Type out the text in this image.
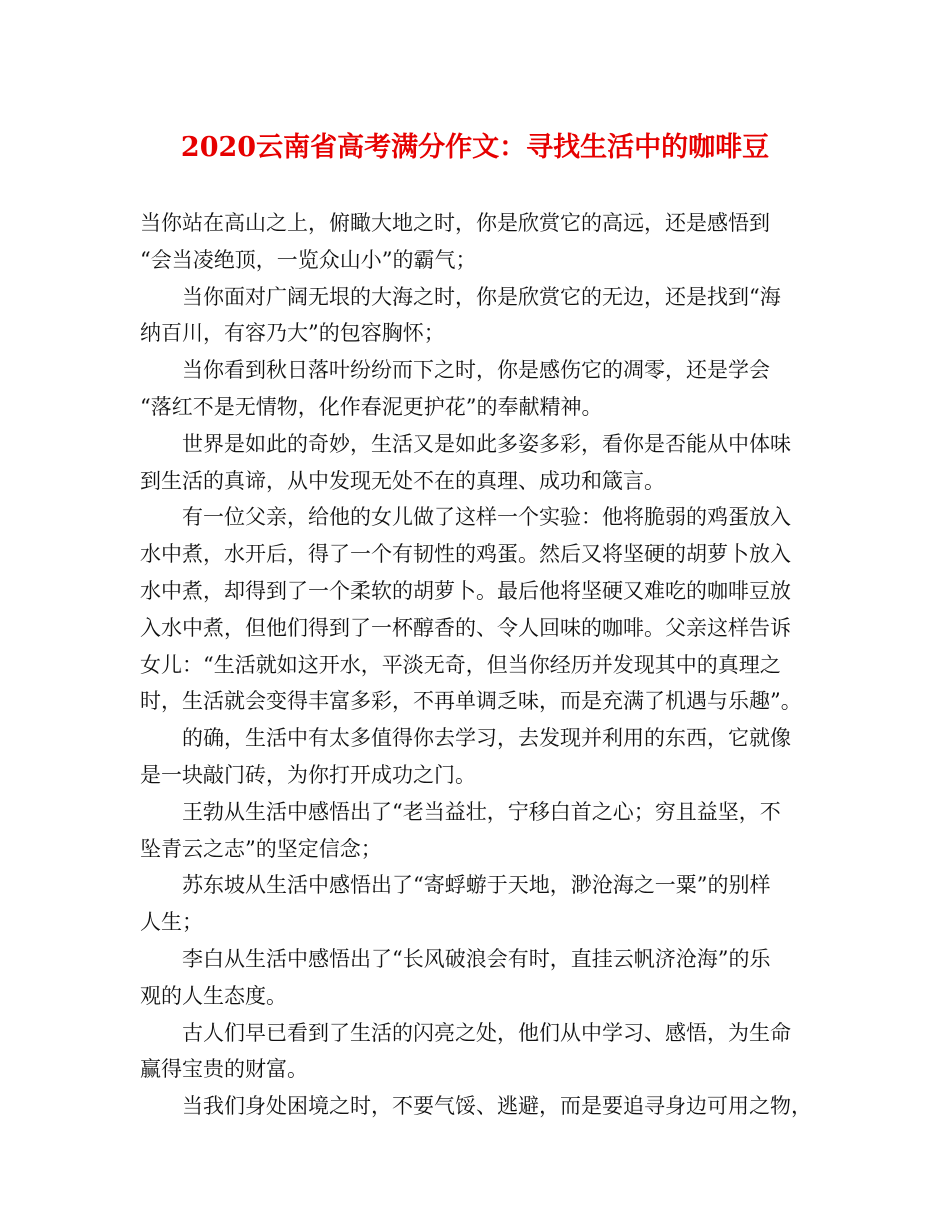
2020云南省高考满分作文：寻找生活中的咖啡豆
当你站在高山之上，俯瞰大地之时，你是欣赏它的高远，还是感悟到
“会当凌绝顶，一览众山小”的霸气；
当你面对广阔无垠的大海之时，你是欣赏它的无边，还是找到“海
纳百川，有容乃大”的包容胸怀；
当你看到秋日落叶纷纷而下之时，你是感伤它的凋零，还是学会
“落红不是无情物，化作春泥更护花”的奉献精神。
世界是如此的奇妙，生活又是如此多姿多彩，看你是否能从中体味
到生活的真谛，从中发现无处不在的真理、成功和箴言。
有一位父亲，给他的女儿做了这样一个实验：他将脆弱的鸡蛋放入
水中煮，水开后，得了一个有韧性的鸡蛋。然后又将坚硬的胡萝卜放入
水中煮，却得到了一个柔软的胡萝卜。最后他将坚硬又难吃的咖啡豆放
入水中煮，但他们得到了一杯醇香的、令人回味的咖啡。父亲这样告诉
女儿：“生活就如这开水，平淡无奇，但当你经历并发现其中的真理之
时，生活就会变得丰富多彩，不再单调乏味，而是充满了机遇与乐趣”。
的确，生活中有太多值得你去学习，去发现并利用的东西，它就像
是一块敲门砖，为你打开成功之门。
王勃从生活中感悟出了“老当益壮，宁移白首之心；穷且益坚，不
坠青云之志”的坚定信念；
苏东坡从生活中感悟出了“寄蜉蝣于天地，渺沧海之一粟”的别样
人生；
李白从生活中感悟出了“长风破浪会有时，直挂云帆济沧海”的乐
观的人生态度。
古人们早已看到了生活的闪亮之处，他们从中学习、感悟，为生命
赢得宝贵的财富。
当我们身处困境之时，不要气馁、逃避，而是要追寻身边可用之物，
